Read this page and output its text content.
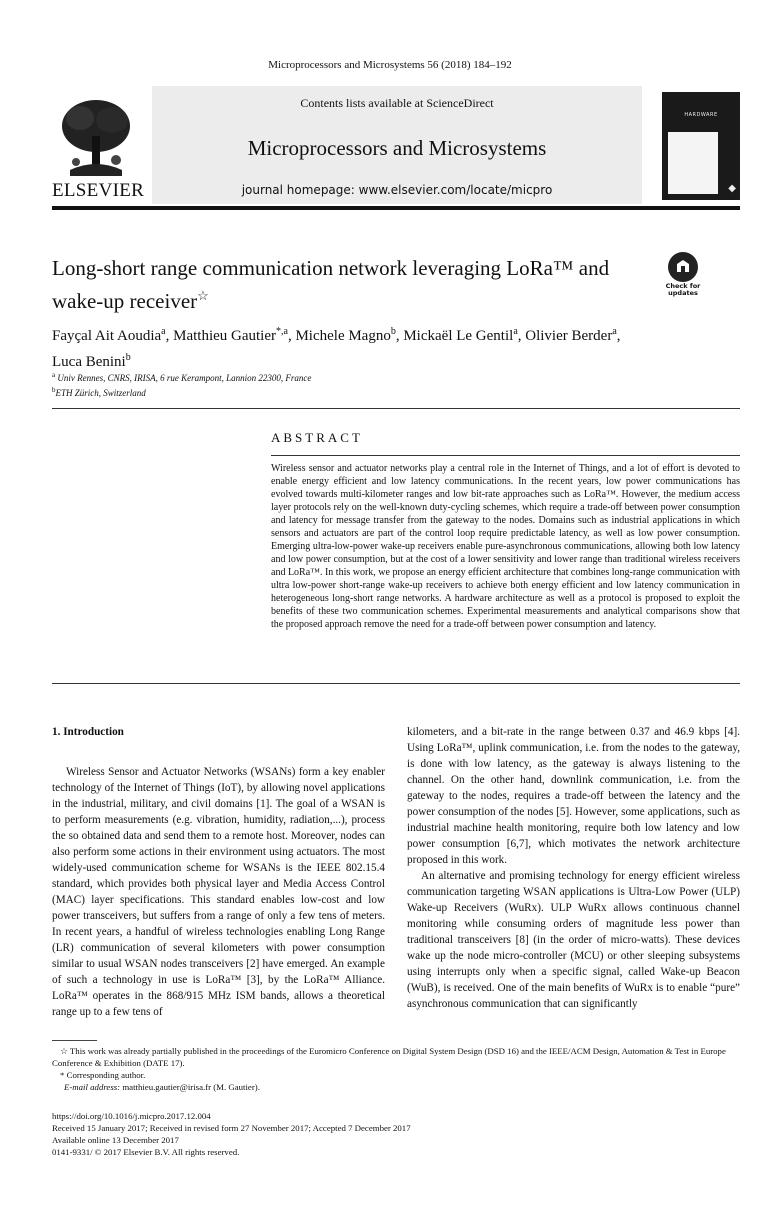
Microprocessors and Microsystems 56 (2018) 184–192
ELSEVIER
Contents lists available at ScienceDirect
Microprocessors and Microsystems
journal homepage: www.elsevier.com/locate/micpro
HARDWARE
◆
Long-short range communication network leveraging LoRa™ and wake-up receiver☆
Check for updates
Fayçal Ait Aoudia$^a$, Matthieu Gautier$^{*,a}$, Michele Magno$^b$, Mickaël Le Gentil$^a$, Olivier Berder$^a$,
Luca Benini$^b$
$^a$ Univ Rennes, CNRS, IRISA, 6 rue Kerampont, Lannion 22300, France
$^b$ETH Zürich, Switzerland
ABSTRACT
Wireless sensor and actuator networks play a central role in the Internet of Things, and a lot of effort is devoted to enable energy efficient and low latency communications. In the recent years, low power communications has evolved towards multi-kilometer ranges and low bit-rate approaches such as LoRa™. However, the medium access layer protocols rely on the well-known duty-cycling schemes, which require a trade-off between power consumption and latency for message transfer from the gateway to the nodes. Domains such as industrial applications in which sensors and actuators are part of the control loop require predictable latency, as well as low power consumption. Emerging ultra-low-power wake-up receivers enable pure-asynchronous communications, allowing both low latency and low power consumption, but at the cost of a lower sensitivity and lower range than traditional wireless receivers and LoRa™. In this work, we propose an energy efficient architecture that combines long-range communication with ultra low-power short-range wake-up receivers to achieve both energy efficient and low latency communication in heterogeneous long-short range networks. A hardware architecture as well as a protocol is proposed to exploit the benefits of these two communication schemes. Experimental measurements and analytical comparisons show that the proposed approach remove the need for a trade-off between power consumption and latency.

1. Introduction

Wireless Sensor and Actuator Networks (WSANs) form a key enabler technology of the Internet of Things (IoT), by allowing novel applications in the industrial, military, and civil domains [1]. The goal of a WSAN is to perform measurements (e.g. vibration, humidity, radiation,...), process the so obtained data and send them to a remote host. Moreover, nodes can also perform some actions in their environment using actuators. The most widely-used communication scheme for WSANs is the IEEE 802.15.4 standard, which provides both physical layer and Media Access Control (MAC) layer specifications. This standard enables low-cost and low power transceivers, but suffers from a range of only a few tens of meters. In recent years, a handful of wireless technologies enabling Long Range (LR) communication of several kilometers with power consumption similar to usual WSAN nodes transceivers [2] have emerged. An example of such a technology in use is LoRa™ [3], by the LoRa™ Alliance. LoRa™ operates in the 868/915 MHz ISM bands, allows a theoretical range up to a few tens of

kilometers, and a bit-rate in the range between 0.37 and 46.9 kbps [4]. Using LoRa™, uplink communication, i.e. from the nodes to the gateway, is done with low latency, as the gateway is always listening to the channel. On the other hand, downlink communication, i.e. from the gateway to the nodes, requires a trade-off between the latency and the power consumption of the nodes [5]. However, some applications, such as industrial machine health monitoring, require both low latency and low power consumption [6,7], which motivates the network architecture proposed in this work.

An alternative and promising technology for energy efficient wireless communication targeting WSAN applications is Ultra-Low Power (ULP) Wake-up Receivers (WuRx). ULP WuRx allows continuous channel monitoring while consuming orders of magnitude less power than traditional transceivers [8] (in the order of micro-watts). These devices wake up the node micro-controller (MCU) or other sleeping subsystems using interrupts only when a specific signal, called Wake-up Beacon (WuB), is received. One of the main benefits of WuRx is to enable “pure” asynchronous communication that can significantly

☆ This work was already partially published in the proceedings of the Euromicro Conference on Digital System Design (DSD 16) and the IEEE/ACM Design, Automation & Test in Europe Conference & Exhibition (DATE 17).
* Corresponding author.
E-mail address: matthieu.gautier@irisa.fr (M. Gautier).
https://doi.org/10.1016/j.micpro.2017.12.004
Received 15 January 2017; Received in revised form 27 November 2017; Accepted 7 December 2017
Available online 13 December 2017
0141-9331/ © 2017 Elsevier B.V. All rights reserved.
